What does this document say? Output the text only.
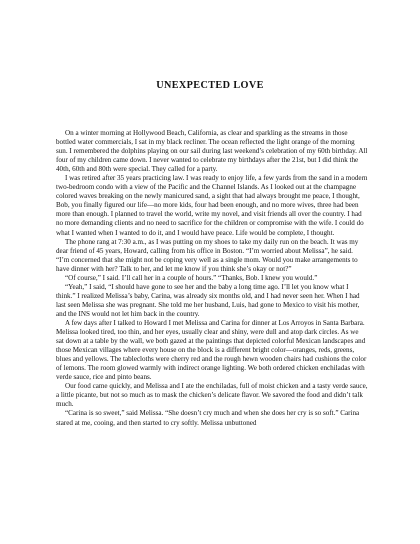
UNEXPECTED LOVE

On a winter morning at Hollywood Beach, California, as clear and sparkling as the streams in those bottled water commercials, I sat in my black recliner. The ocean reflected the light orange of the morning sun. I remembered the dolphins playing on our sail during last weekend’s celebration of my 60th birthday. All four of my children came down. I never wanted to celebrate my birthdays after the 21st, but I did think the 40th, 60th and 80th were special. They called for a party.

I was retired after 35 years practicing law. I was ready to enjoy life, a few yards from the sand in a modern two-bedroom condo with a view of the Pacific and the Channel Islands. As I looked out at the champagne colored waves breaking on the newly manicured sand, a sight that had always brought me peace, I thought, Bob, you finally figured our life—no more kids, four had been enough, and no more wives, three had been more than enough. I planned to travel the world, write my novel, and visit friends all over the country. I had no more demanding clients and no need to sacrifice for the children or compromise with the wife. I could do what I wanted when I wanted to do it, and I would have peace. Life would be complete, I thought.

The phone rang at 7:30 a.m., as I was putting on my shoes to take my daily run on the beach. It was my dear friend of 45 years, Howard, calling from his office in Boston. “I’m worried about Melissa”, he said. “I’m concerned that she might not be coping very well as a single mom. Would you make arrangements to have dinner with her? Talk to her, and let me know if you think she’s okay or not?”

“Of course,” I said. I’ll call her in a couple of hours.” “Thanks, Bob. I knew you would.”

“Yeah,” I said, “I should have gone to see her and the baby a long time ago. I’ll let you know what I think.” I realized Melissa’s baby, Carina, was already six months old, and I had never seen her. When I had last seen Melissa she was pregnant. She told me her husband, Luis, had gone to Mexico to visit his mother, and the INS would not let him back in the country.

A few days after I talked to Howard I met Melissa and Carina for dinner at Los Arroyos in Santa Barbara. Melissa looked tired, too thin, and her eyes, usually clear and shiny, were dull and atop dark circles. As we sat down at a table by the wall, we both gazed at the paintings that depicted colorful Mexican landscapes and those Mexican villages where every house on the block is a different bright color—oranges, reds, greens, blues and yellows. The tablecloths were cherry red and the rough hewn wooden chairs had cushions the color of lemons. The room glowed warmly with indirect orange lighting. We both ordered chicken enchiladas with verde sauce, rice and pinto beans.

Our food came quickly, and Melissa and I ate the enchiladas, full of moist chicken and a tasty verde sauce, a little picante, but not so much as to mask the chicken’s delicate flavor. We savored the food and didn’t talk much.

“Carina is so sweet,” said Melissa. “She doesn’t cry much and when she does her cry is so soft.” Carina stared at me, cooing, and then started to cry softly. Melissa unbuttoned
